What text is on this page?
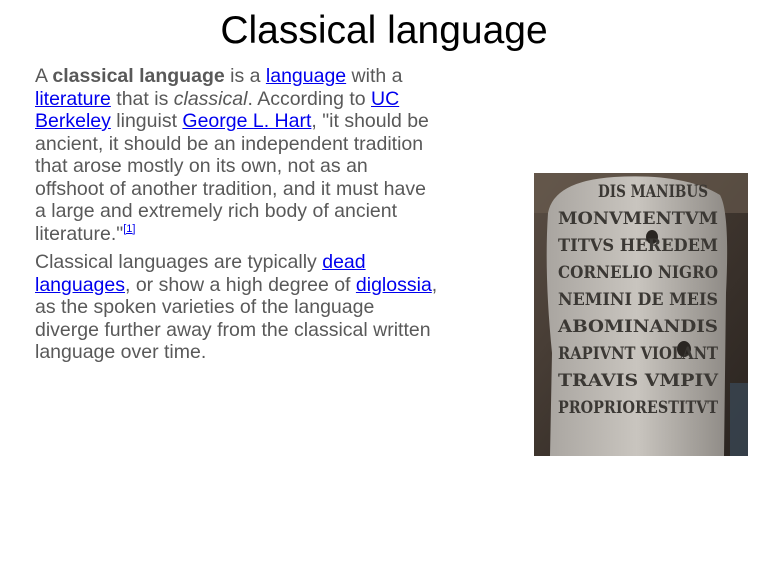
Classical language

A classical language is a language with a literature that is classical. According to UC Berkeley linguist George L. Hart, "it should be ancient, it should be an independent tradition that arose mostly on its own, not as an offshoot of another tradition, and it must have a large and extremely rich body of ancient literature."[1]

Classical languages are typically dead languages, or show a high degree of diglossia, as the spoken varieties of the language diverge further away from the classical written language over time.

DIS MANIBUS
MONVMENTVM
TITVS HEREDEM
CORNELIO NIGRO
NEMINI DE MEIS
ABOMINANDIS
RAPIVNT VIOLANT
TRAVIS VMPIV
PROPRIORESTITVT
